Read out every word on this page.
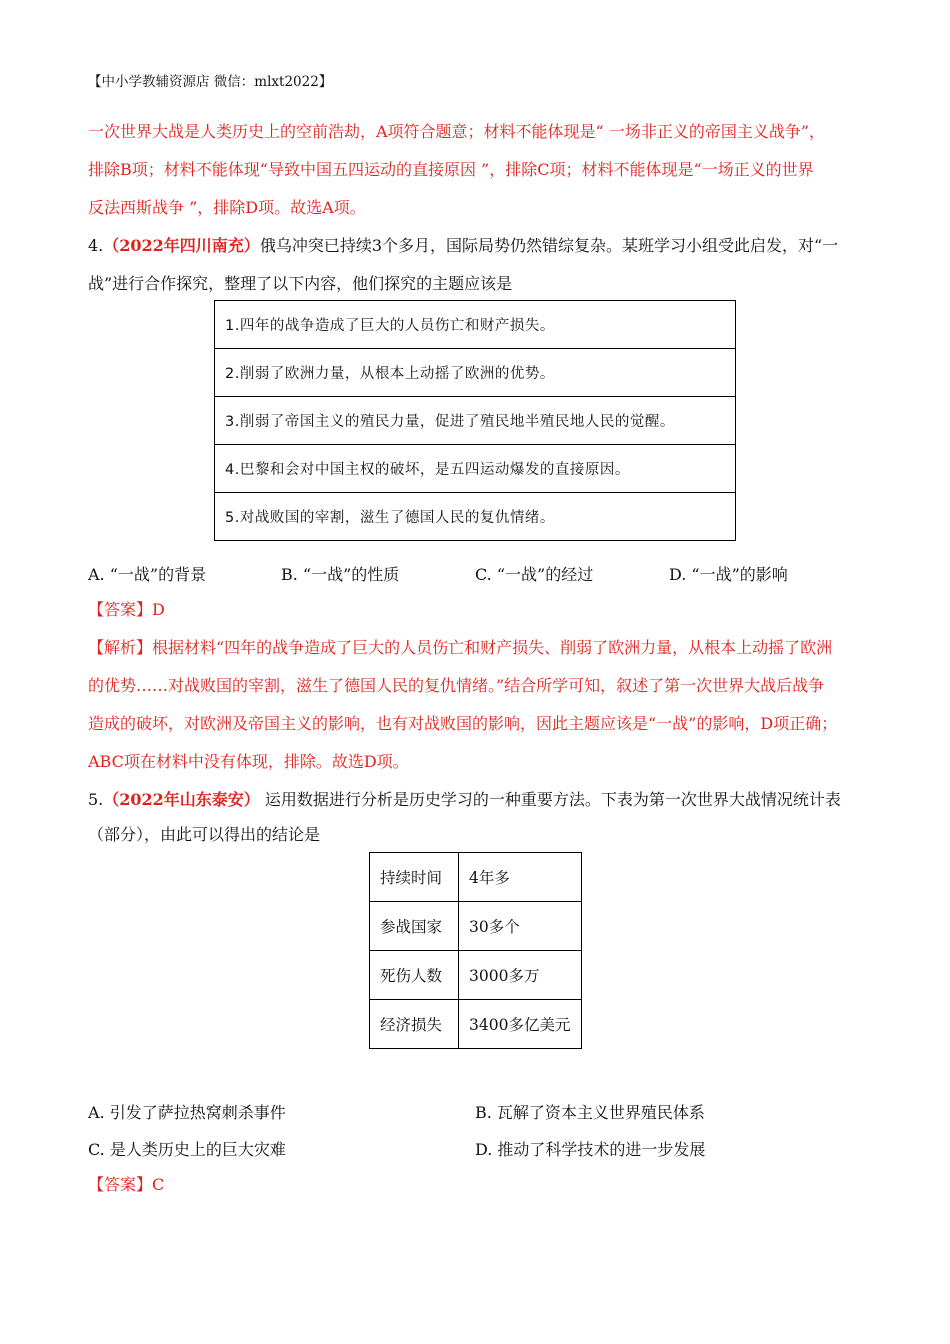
【中小学教辅资源店 微信：mlxt2022】
一次世界大战是人类历史上的空前浩劫，A项符合题意；材料不能体现是“ 一场非正义的帝国主义战争”，
排除B项；材料不能体现“导致中国五四运动的直接原因 ”，排除C项；材料不能体现是“一场正义的世界
反法西斯战争 ”，排除D项。故选A项。
4.（2022年四川南充）俄乌冲突已持续3个多月，国际局势仍然错综复杂。某班学习小组受此启发，对“一
战”进行合作探究，整理了以下内容，他们探究的主题应该是
1.四年的战争造成了巨大的人员伤亡和财产损失。
2.削弱了欧洲力量，从根本上动摇了欧洲的优势。
3.削弱了帝国主义的殖民力量，促进了殖民地半殖民地人民的觉醒。
4.巴黎和会对中国主权的破坏，是五四运动爆发的直接原因。
5.对战败国的宰割，滋生了德国人民的复仇情绪。
A. “一战”的背景	B. “一战”的性质	C. “一战”的经过	D. “一战”的影响
【答案】D
【解析】根据材料“四年的战争造成了巨大的人员伤亡和财产损失、削弱了欧洲力量，从根本上动摇了欧洲
的优势……对战败国的宰割，滋生了德国人民的复仇情绪。”结合所学可知，叙述了第一次世界大战后战争
造成的破坏，对欧洲及帝国主义的影响，也有对战败国的影响，因此主题应该是“一战”的影响，D项正确；
ABC项在材料中没有体现，排除。故选D项。
5.（2022年山东泰安） 运用数据进行分析是历史学习的一种重要方法。下表为第一次世界大战情况统计表
（部分），由此可以得出的结论是
持续时间	4年多
参战国家	30多个
死伤人数	3000多万
经济损失	3400多亿美元
A. 引发了萨拉热窝刺杀事件	B. 瓦解了资本主义世界殖民体系
C. 是人类历史上的巨大灾难	D. 推动了科学技术的进一步发展
【答案】C
